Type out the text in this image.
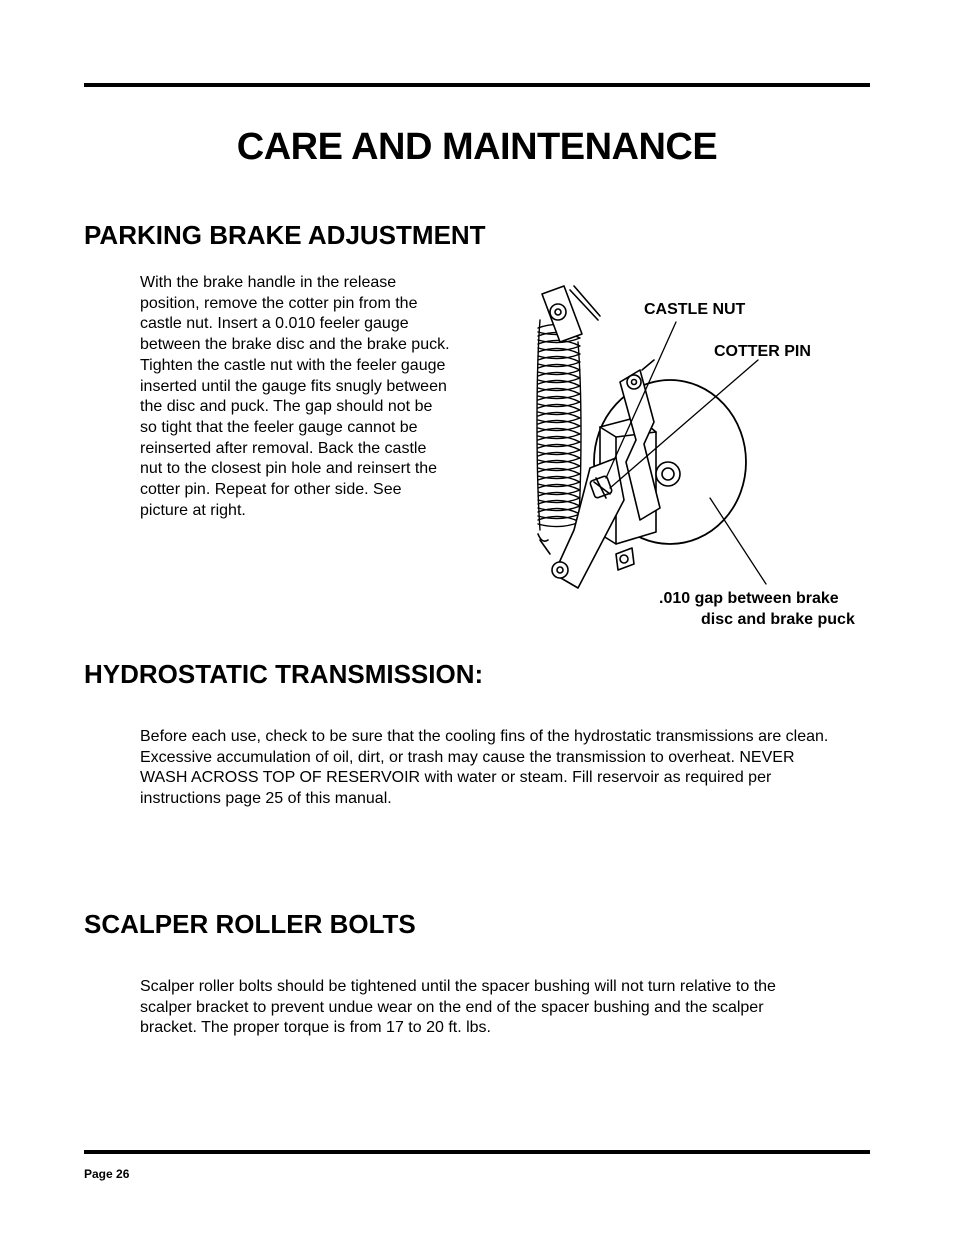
CARE AND MAINTENANCE
PARKING BRAKE ADJUSTMENT
With the brake handle in the release
position, remove the cotter pin from the
castle nut. Insert a 0.010 feeler gauge
between the brake disc and the brake puck.
Tighten the castle nut with the feeler gauge
inserted until the gauge fits snugly between
the disc and puck. The gap should not be
so tight that the feeler gauge cannot be
reinserted after removal. Back the castle
nut to the closest pin hole and reinsert the
cotter pin. Repeat for other side. See
picture at right.
CASTLE NUT
COTTER PIN
.010 gap between brake
disc and brake puck
HYDROSTATIC TRANSMISSION:
Before each use, check to be sure that the cooling fins of the hydrostatic transmissions are clean.
Excessive accumulation of oil, dirt, or trash may cause the transmission to overheat. NEVER
WASH ACROSS TOP OF RESERVOIR with water or steam. Fill reservoir as required per
instructions page 25 of this manual.
SCALPER ROLLER BOLTS
Scalper roller bolts should be tightened until the spacer bushing will not turn relative to the
scalper bracket to prevent undue wear on the end of the spacer bushing and the scalper
bracket. The proper torque is from 17 to 20 ft. lbs.
Page 26
